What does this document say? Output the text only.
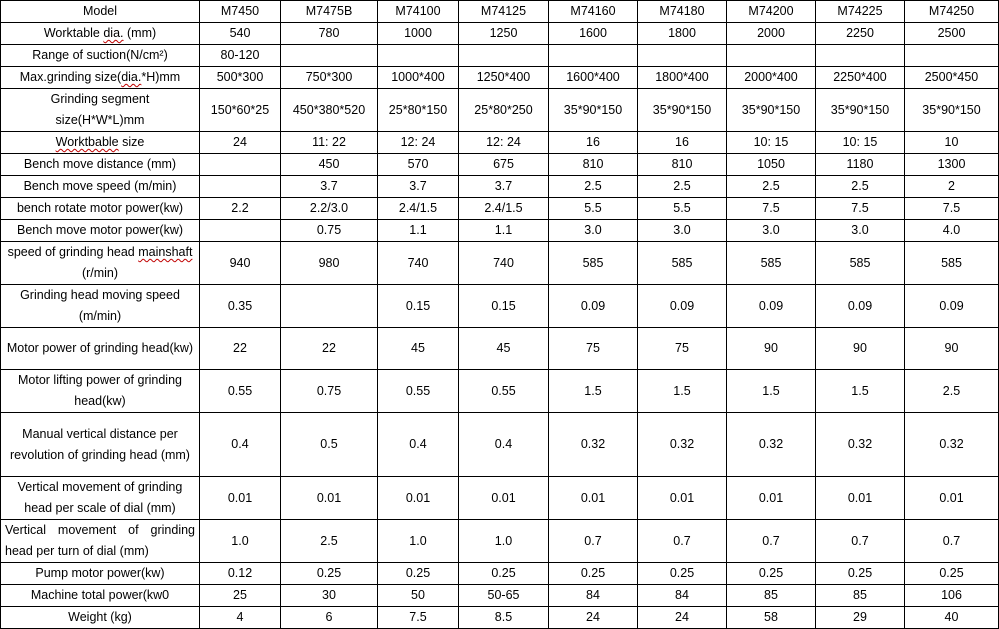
Model	M7450	M7475B	M74100	M74125	M74160	M74180	M74200	M74225	M74250
Worktable dia. (mm)	540	780	1000	1250	1600	1800	2000	2250	2500
Range of suction(N/cm²)	80-120								
Max.grinding size(dia.*H)mm	500*300	750*300	1000*400	1250*400	1600*400	1800*400	2000*400	2250*400	2500*450
Grinding segment size(H*W*L)mm	150*60*25	450*380*520	25*80*150	25*80*250	35*90*150	35*90*150	35*90*150	35*90*150	35*90*150
Worktbable size	24	11: 22	12: 24	12: 24	16	16	10: 15	10: 15	10
Bench move distance (mm)		450	570	675	810	810	1050	1180	1300
Bench move speed (m/min)		3.7	3.7	3.7	2.5	2.5	2.5	2.5	2
bench rotate motor power(kw)	2.2	2.2/3.0	2.4/1.5	2.4/1.5	5.5	5.5	7.5	7.5	7.5
Bench move motor power(kw)		0.75	1.1	1.1	3.0	3.0	3.0	3.0	4.0
speed of grinding head mainshaft (r/min)	940	980	740	740	585	585	585	585	585
Grinding head moving speed (m/min)	0.35		0.15	0.15	0.09	0.09	0.09	0.09	0.09
Motor power of grinding head(kw)	22	22	45	45	75	75	90	90	90
Motor lifting power of grinding head(kw)	0.55	0.75	0.55	0.55	1.5	1.5	1.5	1.5	2.5
Manual vertical distance per revolution of grinding head (mm)	0.4	0.5	0.4	0.4	0.32	0.32	0.32	0.32	0.32
Vertical movement of grinding head per scale of dial (mm)	0.01	0.01	0.01	0.01	0.01	0.01	0.01	0.01	0.01
Vertical movement of grinding head per turn of dial (mm)	1.0	2.5	1.0	1.0	0.7	0.7	0.7	0.7	0.7
Pump motor power(kw)	0.12	0.25	0.25	0.25	0.25	0.25	0.25	0.25	0.25
Machine total power(kw0	25	30	50	50-65	84	84	85	85	106
Weight (kg)	4	6	7.5	8.5	24	24	58	29	40
